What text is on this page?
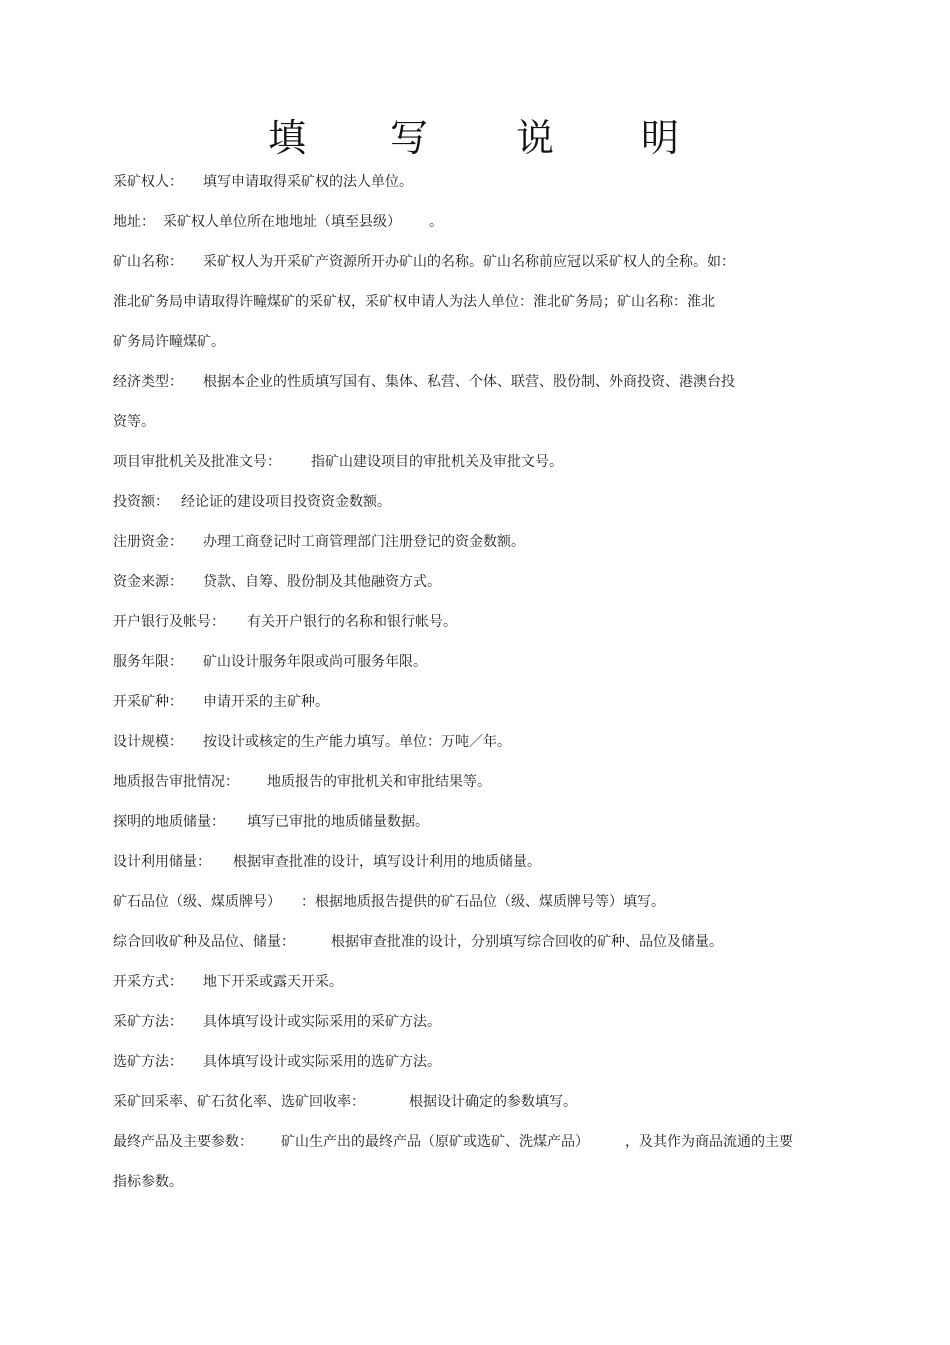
填 写 说 明
采矿权人： 填写申请取得采矿权的法人单位。
地址： 采矿权人单位所在地地址（填至县级） 。
矿山名称： 采矿权人为开采矿产资源所开办矿山的名称。矿山名称前应冠以采矿权人的全称。如：
淮北矿务局申请取得许疃煤矿的采矿权，采矿权申请人为法人单位：淮北矿务局；矿山名称：淮北
矿务局许疃煤矿。
经济类型： 根据本企业的性质填写国有、集体、私营、个体、联营、股份制、外商投资、港澳台投
资等。
项目审批机关及批准文号： 指矿山建设项目的审批机关及审批文号。
投资额： 经论证的建设项目投资资金数额。
注册资金： 办理工商登记时工商管理部门注册登记的资金数额。
资金来源： 贷款、自筹、股份制及其他融资方式。
开户银行及帐号： 有关开户银行的名称和银行帐号。
服务年限： 矿山设计服务年限或尚可服务年限。
开采矿种： 申请开采的主矿种。
设计规模： 按设计或核定的生产能力填写。单位：万吨／年。
地质报告审批情况： 地质报告的审批机关和审批结果等。
探明的地质储量： 填写已审批的地质储量数据。
设计利用储量： 根据审查批准的设计，填写设计利用的地质储量。
矿石品位（级、煤质牌号） ：根据地质报告提供的矿石品位（级、煤质牌号等）填写。
综合回收矿种及品位、储量：	根据审查批准的设计，分别填写综合回收的矿种、品位及储量。
开采方式： 地下开采或露天开采。
采矿方法： 具体填写设计或实际采用的采矿方法。
选矿方法： 具体填写设计或实际采用的选矿方法。
采矿回采率、矿石贫化率、选矿回收率：	根据设计确定的参数填写。
最终产品及主要参数： 矿山生产出的最终产品（原矿或选矿、洗煤产品）	，及其作为商品流通的主要
指标参数。
